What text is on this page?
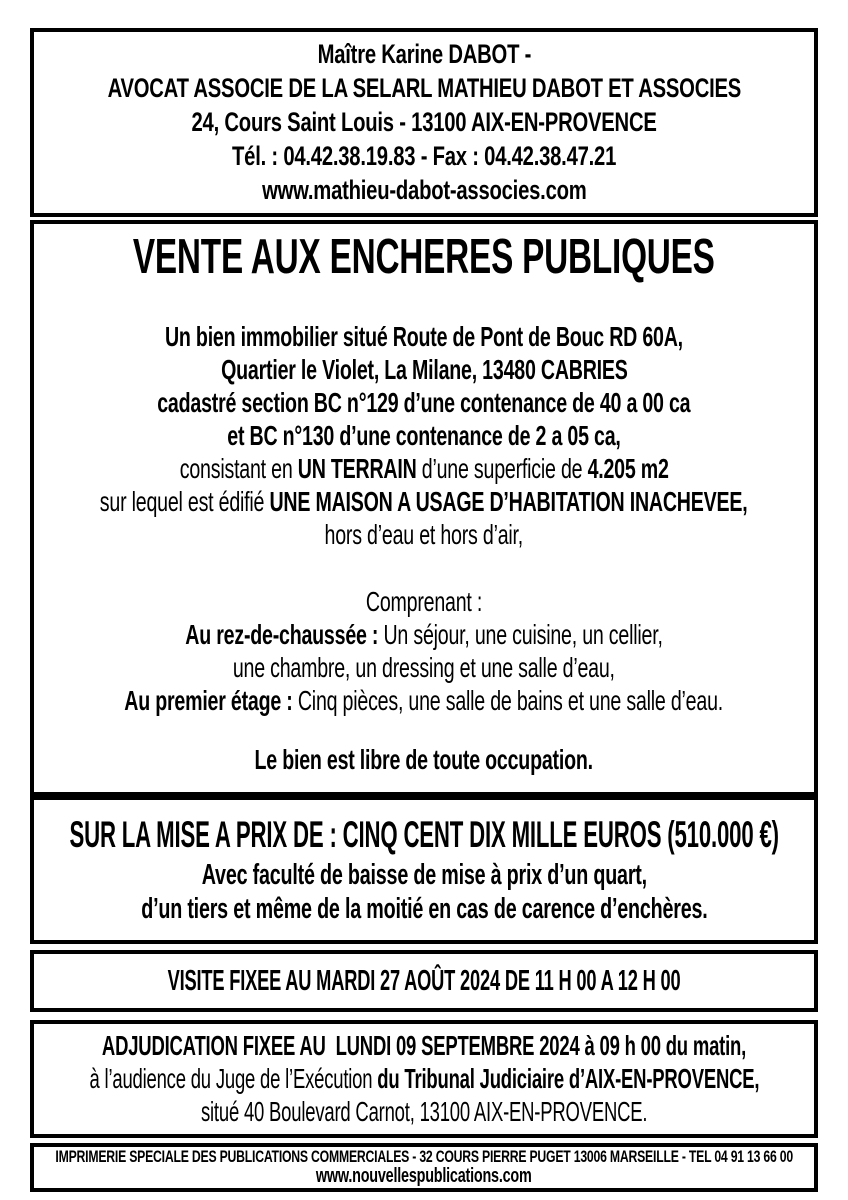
Maître Karine DABOT -
AVOCAT ASSOCIE DE LA SELARL MATHIEU DABOT ET ASSOCIES
24, Cours Saint Louis - 13100 AIX-EN-PROVENCE
Tél. : 04.42.38.19.83 - Fax : 04.42.38.47.21
www.mathieu-dabot-associes.com
VENTE AUX ENCHERES PUBLIQUES
Un bien immobilier situé Route de Pont de Bouc RD 60A,
Quartier le Violet, La Milane, 13480 CABRIES
cadastré section BC n°129 d’une contenance de 40 a 00 ca
et BC n°130 d’une contenance de 2 a 05 ca,
consistant en UN TERRAIN d’une superficie de 4.205 m2
sur lequel est édifié UNE MAISON A USAGE D’HABITATION INACHEVEE,
hors d’eau et hors d’air,
Comprenant :
Au rez-de-chaussée : Un séjour, une cuisine, un cellier,
une chambre, un dressing et une salle d’eau,
Au premier étage : Cinq pièces, une salle de bains et une salle d’eau.
Le bien est libre de toute occupation.
SUR LA MISE A PRIX DE : CINQ CENT DIX MILLE EUROS (510.000 €)
Avec faculté de baisse de mise à prix d’un quart,
d’un tiers et même de la moitié en cas de carence d’enchères.
VISITE FIXEE AU MARDI 27 AOÛT 2024 DE 11 H 00 A 12 H 00
ADJUDICATION FIXEE AU  LUNDI 09 SEPTEMBRE 2024 à 09 h 00 du matin,
à l’audience du Juge de l’Exécution du Tribunal Judiciaire d’AIX-EN-PROVENCE,
situé 40 Boulevard Carnot, 13100 AIX-EN-PROVENCE.
IMPRIMERIE SPECIALE DES PUBLICATIONS COMMERCIALES - 32 COURS PIERRE PUGET 13006 MARSEILLE - TEL 04 91 13 66 00
www.nouvellespublications.com
